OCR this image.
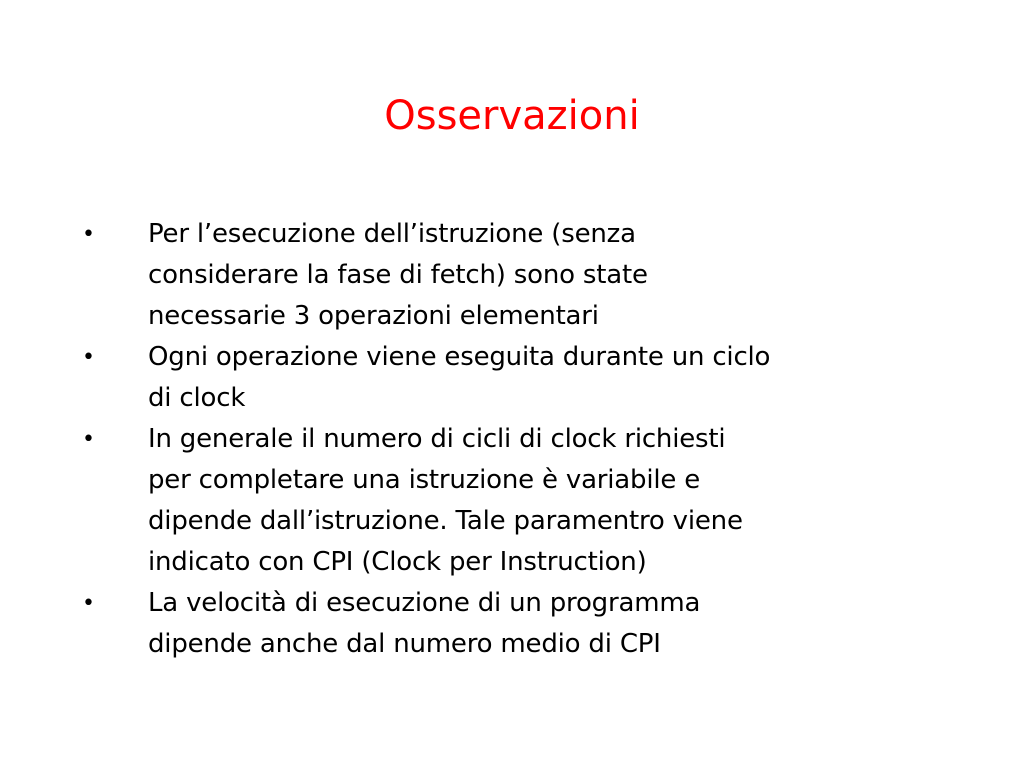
Osservazioni
• Per l’esecuzione dell’istruzione (senza
considerare la fase di fetch) sono state
necessarie 3 operazioni elementari
• Ogni operazione viene eseguita durante un ciclo
di clock
• In generale il numero di cicli di clock richiesti
per completare una istruzione è variabile e
dipende dall’istruzione. Tale paramentro viene
indicato con CPI (Clock per Instruction)
• La velocità di esecuzione di un programma
dipende anche dal numero medio di CPI
